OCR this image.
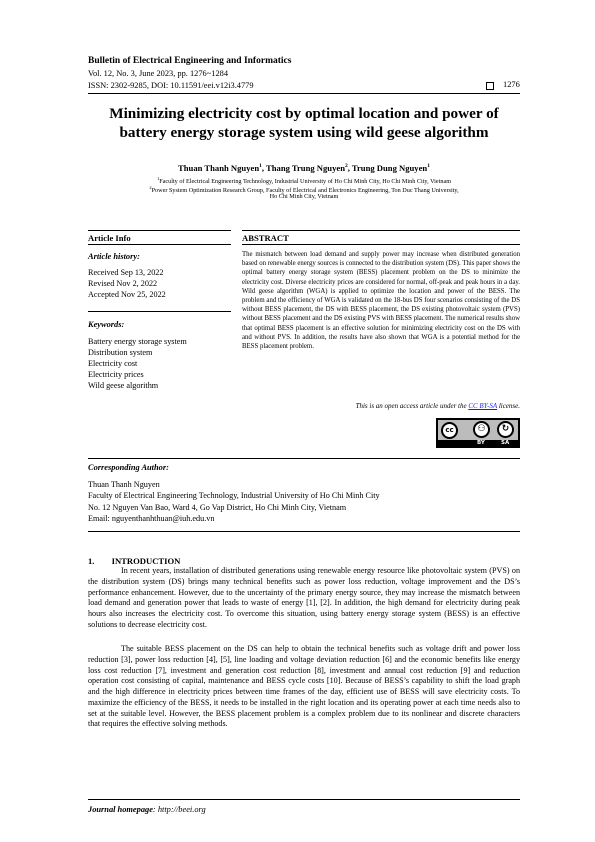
Bulletin of Electrical Engineering and Informatics
Vol. 12, No. 3, June 2023, pp. 1276~1284
ISSN: 2302-9285, DOI: 10.11591/eei.v12i3.4779	1276
Minimizing electricity cost by optimal location and power of battery energy storage system using wild geese algorithm
Thuan Thanh Nguyen$^1$, Thang Trung Nguyen$^2$, Trung Dung Nguyen$^1$
$^1$Faculty of Electrical Engineering Technology, Industrial University of Ho Chi Minh City, Ho Chi Minh City, Vietnam
$^2$Power System Optimization Research Group, Faculty of Electrical and Electronics Engineering, Ton Duc Thang University,
Ho Chi Minh City, Vietnam
Article Info
Article history:
Received Sep 13, 2022
Revised Nov 2, 2022
Accepted Nov 25, 2022
Keywords:
Battery energy storage system
Distribution system
Electricity cost
Electricity prices
Wild geese algorithm
ABSTRACT
The mismatch between load demand and supply power may increase when distributed generation based on renewable energy sources is connected to the distribution system (DS). This paper shows the optimal battery energy storage system (BESS) placement problem on the DS to minimize the electricity cost. Diverse electricity prices are considered for normal, off-peak and peak hours in a day. Wild geese algorithm (WGA) is applied to optimize the location and power of the BESS. The problem and the efficiency of WGA is validated on the 18-bus DS four scenarios consisting of the DS without BESS placement, the DS with BESS placement, the DS existing photovoltaic system (PVS) without BESS placement and the DS existing PVS with BESS placement. The numerical results show that optimal BESS placement is an effective solution for minimizing electricity cost on the DS with and without PVS. In addition, the results have also shown that WGA is a potential method for the BESS placement problem.
This is an open access article under the CC BY-SA license.
cc	⚇	↻
BY	SA
Corresponding Author:
Thuan Thanh Nguyen
Faculty of Electrical Engineering Technology, Industrial University of Ho Chi Minh City
No. 12 Nguyen Van Bao, Ward 4, Go Vap District, Ho Chi Minh City, Vietnam
Email: nguyenthanhthuan@iuh.edu.vn
1.  INTRODUCTION
In recent years, installation of distributed generations using renewable energy resource like photovoltaic system (PVS) on the distribution system (DS) brings many technical benefits such as power loss reduction, voltage improvement and the DS’s performance enhancement. However, due to the uncertainty of the primary energy source, they may increase the mismatch between load demand and generation power that leads to waste of energy [1], [2]. In addition, the high demand for electricity during peak hours also increases the electricity cost. To overcome this situation, using battery energy storage system (BESS) is an effective solutions to decrease electricity cost.
The suitable BESS placement on the DS can help to obtain the technical benefits such as voltage drift and power loss reduction [3], power loss reduction [4], [5], line loading and voltage deviation reduction [6] and the economic benefits like energy loss cost reduction [7], investment and generation cost reduction [8], investment and annual cost reduction [9] and reduction operation cost consisting of capital, maintenance and BESS cycle costs [10]. Because of BESS’s capability to shift the load graph and the high difference in electricity prices between time frames of the day, efficient use of BESS will save electricity costs. To maximize the efficiency of the BESS, it needs to be installed in the right location and its operating power at each time needs also to set at the suitable level. However, the BESS placement problem is a complex problem due to its nonlinear and discrete characters that requires the effective solving methods.
Journal homepage: http://beei.org
